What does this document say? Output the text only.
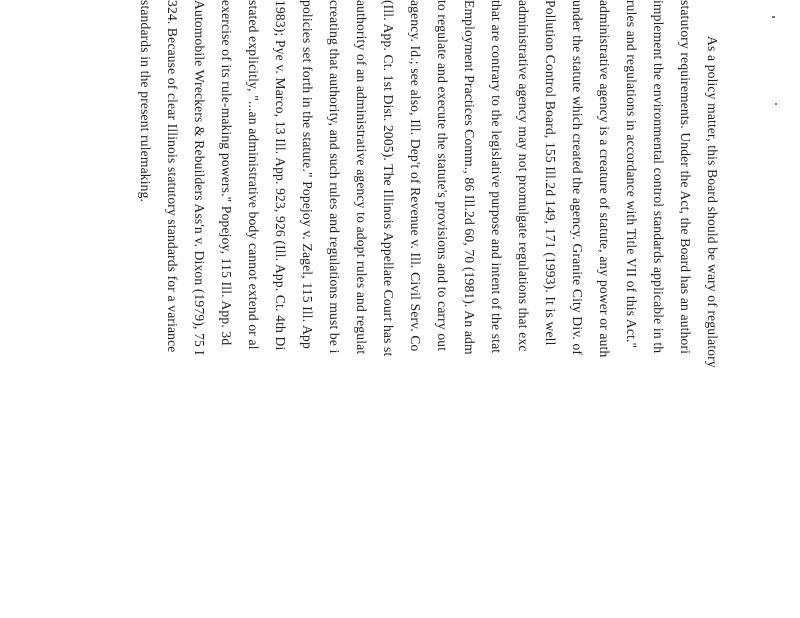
As a policy matter, this Board should be wary of regulatory
statutory requirements. Under the Act, the Board has an authori
implement the environmental control standards applicable in th
rules and regulations in accordance with Title VII of this Act."
administrative agency is a creature of statute, any power or auth
under the statute which created the agency. Granite City Div. of
Pollution Control Board, 155 Ill.2d 149, 171 (1993). It is well
administrative agency may not promulgate regulations that exc
that are contrary to the legislative purpose and intent of the stat
Employment Practices Comm., 86 Ill.2d 60, 70 (1981). An adm
to regulate and execute the statute's provisions and to carry out
agency. Id.; see also, Ill. Dep't of Revenue v. Ill. Civil Serv. Co
(Ill. App. Ct. 1st Dist. 2005). The Illinois Appellate Court has st
authority of an administrative agency to adopt rules and regulat
creating that authority, and such rules and regulations must be i
policies set forth in the statute." Popejoy v. Zagel, 115 Ill. App
1983); Pye v. Marco, 13 Ill. App. 923, 926 (Ill. App. Ct. 4th Di
stated explicitly, "...an administrative body cannot extend or al
exercise of its rule-making powers." Popejoy, 115 Ill. App. 3d
Automobile Wreckers & Rebuilders Ass'n v. Dixon (1979), 75 I
324. Because of clear Illinois statutory standards for a variance
standards in the present rulemaking.
